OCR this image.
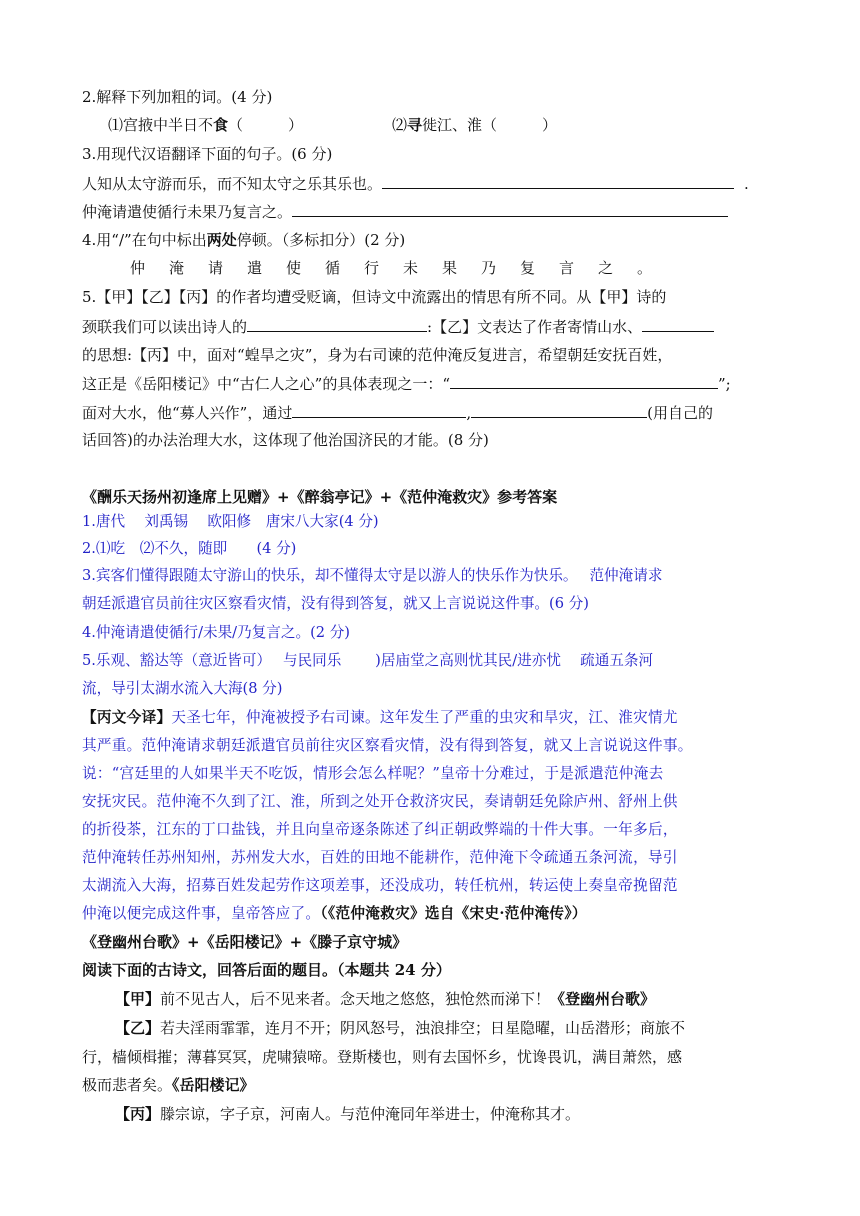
2.解释下列加粗的词。(4 分)
⑴宫掖中半日不食（　　　）	⑵寻徙江、淮（　　　）
3.用现代汉语翻译下面的句子。(6 分)
人知从太守游而乐，而不知太守之乐其乐也。	.
仲淹请遣使循行未果乃复言之。
4.用“/”在句中标出两处停顿。（多标扣分）(2 分)
仲淹请遣使循行未果乃复言之。
5.【甲】【乙】【丙】的作者均遭受贬谪，但诗文中流露出的情思有所不同。从【甲】诗的
颈联我们可以读出诗人的	:【乙】文表达了作者寄情山水、
的思想:【丙】中，面对“蝗旱之灾”，身为右司谏的范仲淹反复进言，希望朝廷安抚百姓，
这正是《岳阳楼记》中“古仁人之心”的具体表现之一：“	”;
面对大水，他“募人兴作”，通过	,	(用自己的
话回答)的办法治理大水，这体现了他治国济民的才能。(8 分)
《酬乐天扬州初逢席上见赠》+《醉翁亭记》+《范仲淹救灾》参考答案
1.唐代　 刘禹锡　 欧阳修　唐宋八大家(4 分)
2.⑴吃　⑵不久，随即　　(4 分)
3.宾客们懂得跟随太守游山的快乐，却不懂得太守是以游人的快乐作为快乐。　 范仲淹请求
朝廷派遣官员前往灾区察看灾情，没有得到答复，就又上言说说这件事。(6 分)
4.仲淹请遣使循行/未果/乃复言之。(2 分)
5.乐观、豁达等（意近皆可）　 与民同乐　　 )居庙堂之高则忧其民/进亦忧　 疏通五条河
流，导引太湖水流入大海(8 分)
【丙文今译】天圣七年，仲淹被授予右司谏。这年发生了严重的虫灾和旱灾，江、淮灾情尤
其严重。范仲淹请求朝廷派遣官员前往灾区察看灾情，没有得到答复，就又上言说说这件事。
说：“宫廷里的人如果半天不吃饭，情形会怎么样呢？”皇帝十分难过，于是派遣范仲淹去
安抚灾民。范仲淹不久到了江、淮，所到之处开仓救济灾民，奏请朝廷免除庐州、舒州上供
的折役茶，江东的丁口盐钱，并且向皇帝逐条陈述了纠正朝政弊端的十件大事。一年多后，
范仲淹转任苏州知州，苏州发大水，百姓的田地不能耕作，范仲淹下令疏通五条河流，导引
太湖流入大海，招募百姓发起劳作这项差事，还没成功，转任杭州，转运使上奏皇帝挽留范
仲淹以便完成这件事，皇帝答应了。（《范仲淹救灾》选自《宋史·范仲淹传》）
《登幽州台歌》+《岳阳楼记》+《滕子京守城》
阅读下面的古诗文，回答后面的题目。（本题共 24 分）
【甲】前不见古人，后不见来者。念天地之悠悠，独怆然而涕下！《登幽州台歌》
【乙】若夫淫雨霏霏，连月不开；阴风怒号，浊浪排空；日星隐曜，山岳潜形；商旅不
行，樯倾楫摧；薄暮冥冥，虎啸猿啼。登斯楼也，则有去国怀乡，忧谗畏讥，满目萧然，感
极而悲者矣。《岳阳楼记》
【丙】滕宗谅，字子京，河南人。与范仲淹同年举进士，仲淹称其才。
